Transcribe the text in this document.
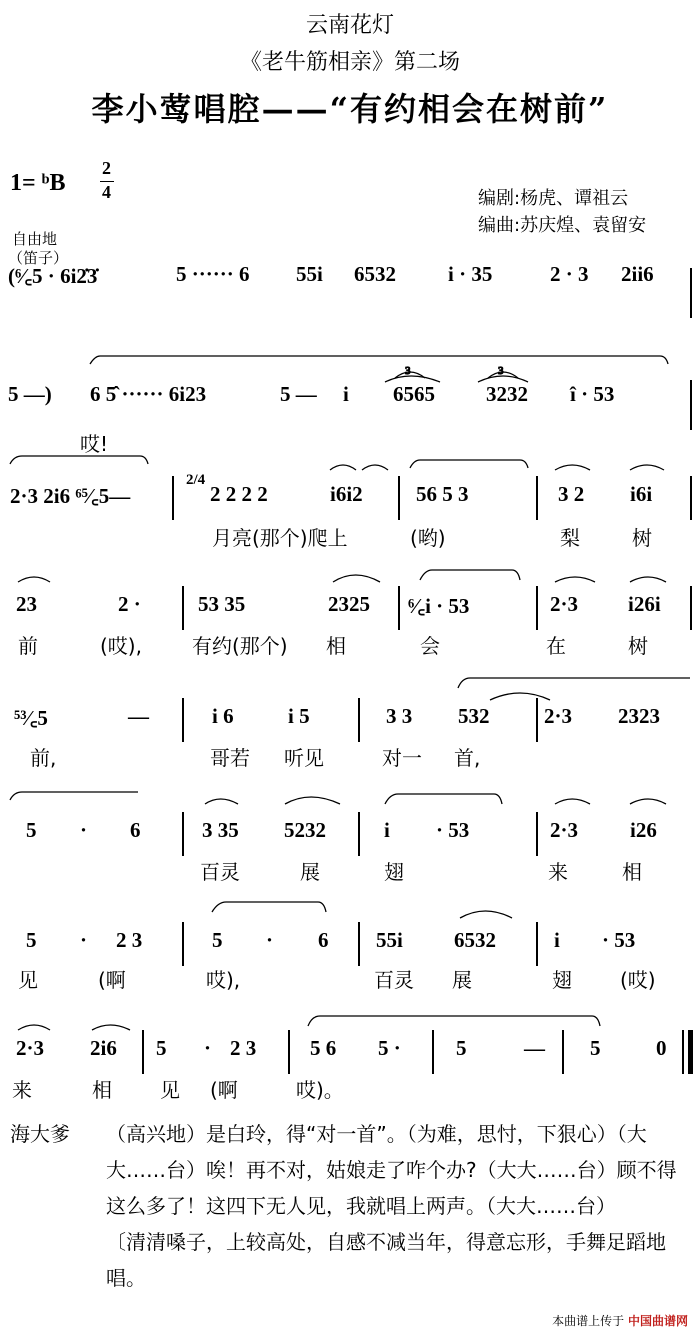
云南花灯
《老牛筋相亲》第二场
李小莺唱腔——“有约相会在树前”
1= ᵇB
2
4	编剧:杨虎、谭祖云
编曲:苏庆煌、袁留安
自由地
（笛子）
3	3
(⁶⁄꜀5 · 6i2̇3̇	5 ······ 6 55i 6532 i · 35	2 · 3 2ii6
5 —) 6 5̂ ······ 6i23	5 — i 6565 3232 î · 53
哎!
2·3 2i6 ⁶⁵⁄꜀5—
2/4
2 2 2 2	i6i2	56 5 3	3 2 i6i
月亮(那个)爬上	(哟)	梨	树
23	2 ·	53 35	2325 ⁶⁄꜀i · 53	2·3 i26i
前	(哎),	有约(那个) 相	会	在	树
⁵³⁄꜀5	—	i 6	i 5	3 3 532	2·3 2323
前,	哥若 听见	对一 首,
5 · 6	3 35 5232	i · 53	2·3 i26
百灵	展	翅	来	相
5 · 2 3	5 · 6 55i 6532	i · 53
见	(啊	哎),	百灵 展	翅 (哎)
2·3 2i6 5 · 2 3	5 6 5 ·	5	— 5	0
来	相 见 (啊	哎)。
海大爹 （高兴地）是白玲，得“对一首”。（为难，思忖，下狠心）（大大……台）唉！再不对，姑娘走了咋个办?（大大……台）顾不得这么多了！这四下无人见，我就唱上两声。（大大……台）
〔清清嗓子，上较高处，自感不减当年，得意忘形，手舞足蹈地唱。
本曲谱上传于 中国曲谱网
